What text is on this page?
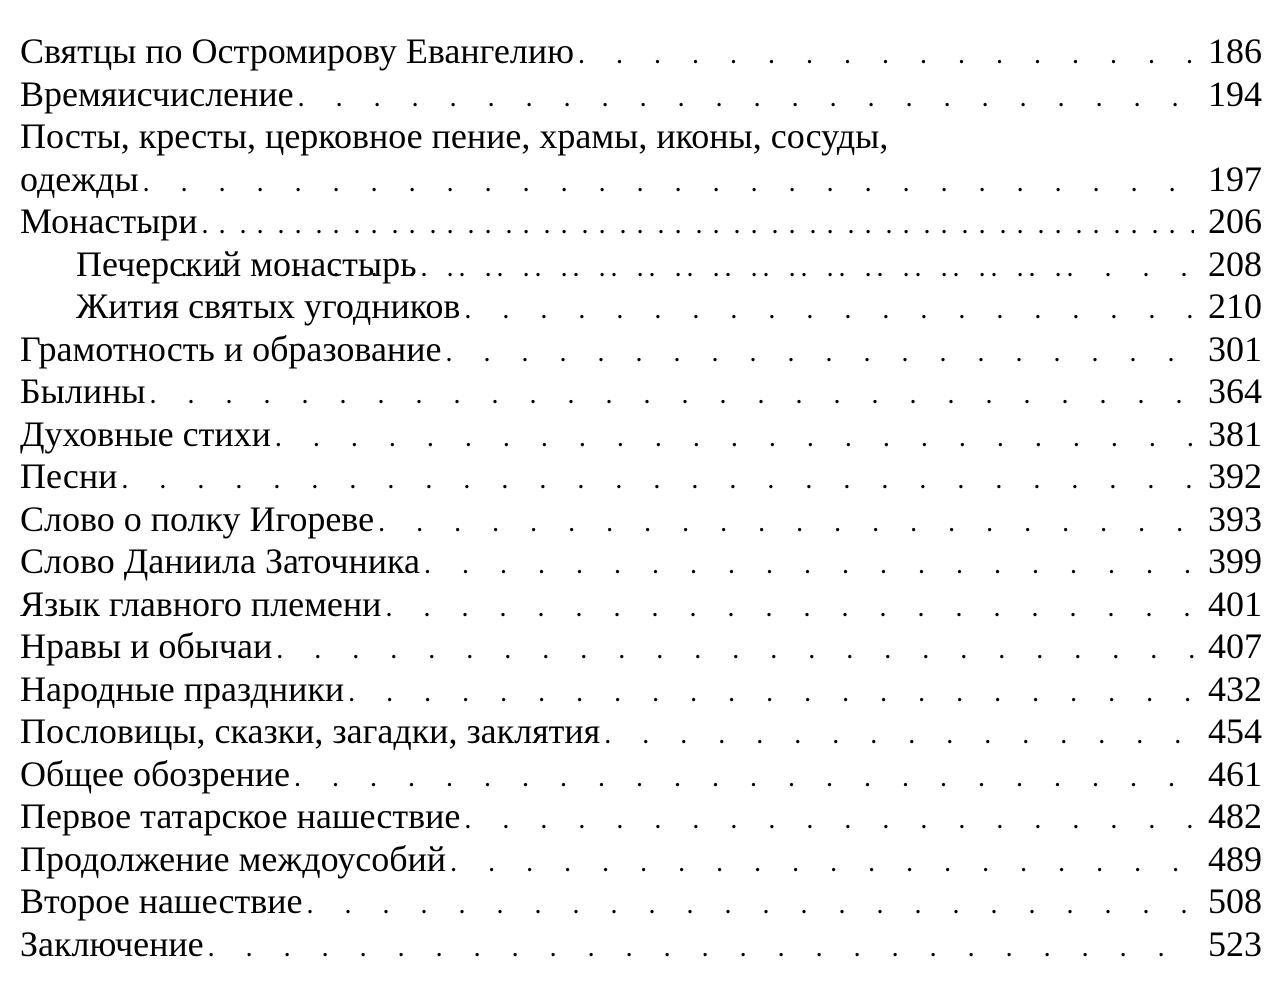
Святцы по Остромирову Евангелию . . .	186
Времяисчисление . . .	194
Посты, кресты, церковное пение, храмы, иконы, сосуды,
одежды . . .	197
Монастыри . . .	206
Печерский монастырь . . .	208
Жития святых угодников . . .	210
Грамотность и образование . . .	301
Былины . . .	364
Духовные стихи . . .	381
Песни . . .	392
Слово о полку Игореве . . .	393
Слово Даниила Заточника . . .	399
Язык главного племени . . .	401
Нравы и обычаи . . .	407
Народные праздники . . .	432
Пословицы, сказки, загадки, заклятия . . .	454
Общее обозрение . . .	461
Первое татарское нашествие . . .	482
Продолжение междоусобий . . .	489
Второе нашествие . . .	508
Заключение . . .	523
